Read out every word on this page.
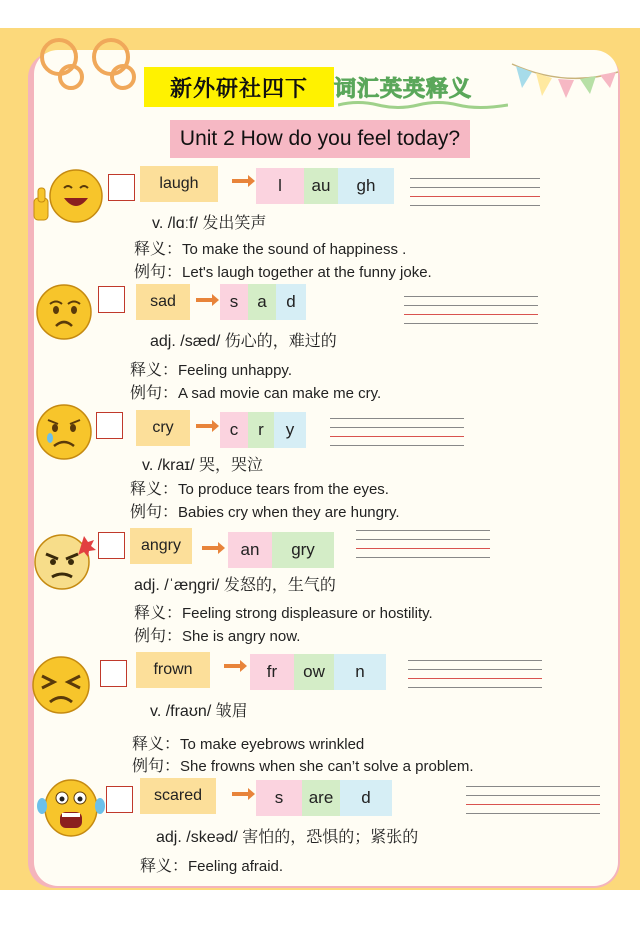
新外研社四下	词汇英英释义
Unit 2 How do you feel today?
laugh	l	au	gh
v. /lɑːf/ 发出笑声
释义：To make the sound of happiness .
例句：Let's laugh together at the funny joke.
sad	s	a	d
adj. /sæd/ 伤心的，难过的
释义：Feeling unhappy.
例句：A sad movie can make me cry.
cry	c	r	y
v. /kraɪ/ 哭，哭泣
释义：To produce tears from the eyes.
例句：Babies cry when they are hungry.
angry	an	gry
adj. /ˈæŋgri/ 发怒的，生气的
释义：Feeling strong displeasure or hostility.
例句：She is angry now.
frown	fr	ow	n
v. /fraʊn/ 皱眉
释义：To make eyebrows wrinkled
例句：She frowns when she can’t solve a problem.
scared	s	are	d
adj. /skeəd/ 害怕的，恐惧的；紧张的
释义：Feeling afraid.
